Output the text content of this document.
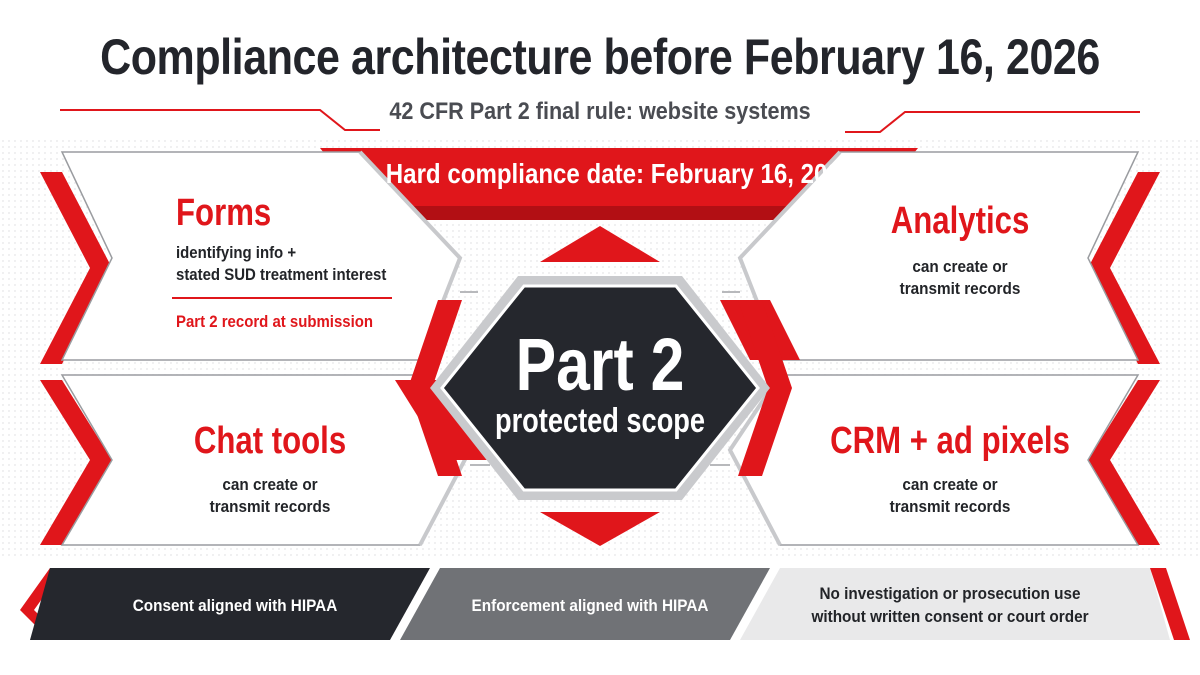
Compliance architecture before February 16, 2026

42 CFR Part 2 final rule: website systems

Hard compliance date: February 16, 2026

Forms

identifying info +
stated SUD treatment interest

Part 2 record at submission

Analytics

can create or
transmit records

Chat tools

can create or
transmit records

CRM + ad pixels

can create or
transmit records

Part 2

protected scope

Consent aligned with HIPAA	Enforcement aligned with HIPAA

No investigation or prosecution use
without written consent or court order
